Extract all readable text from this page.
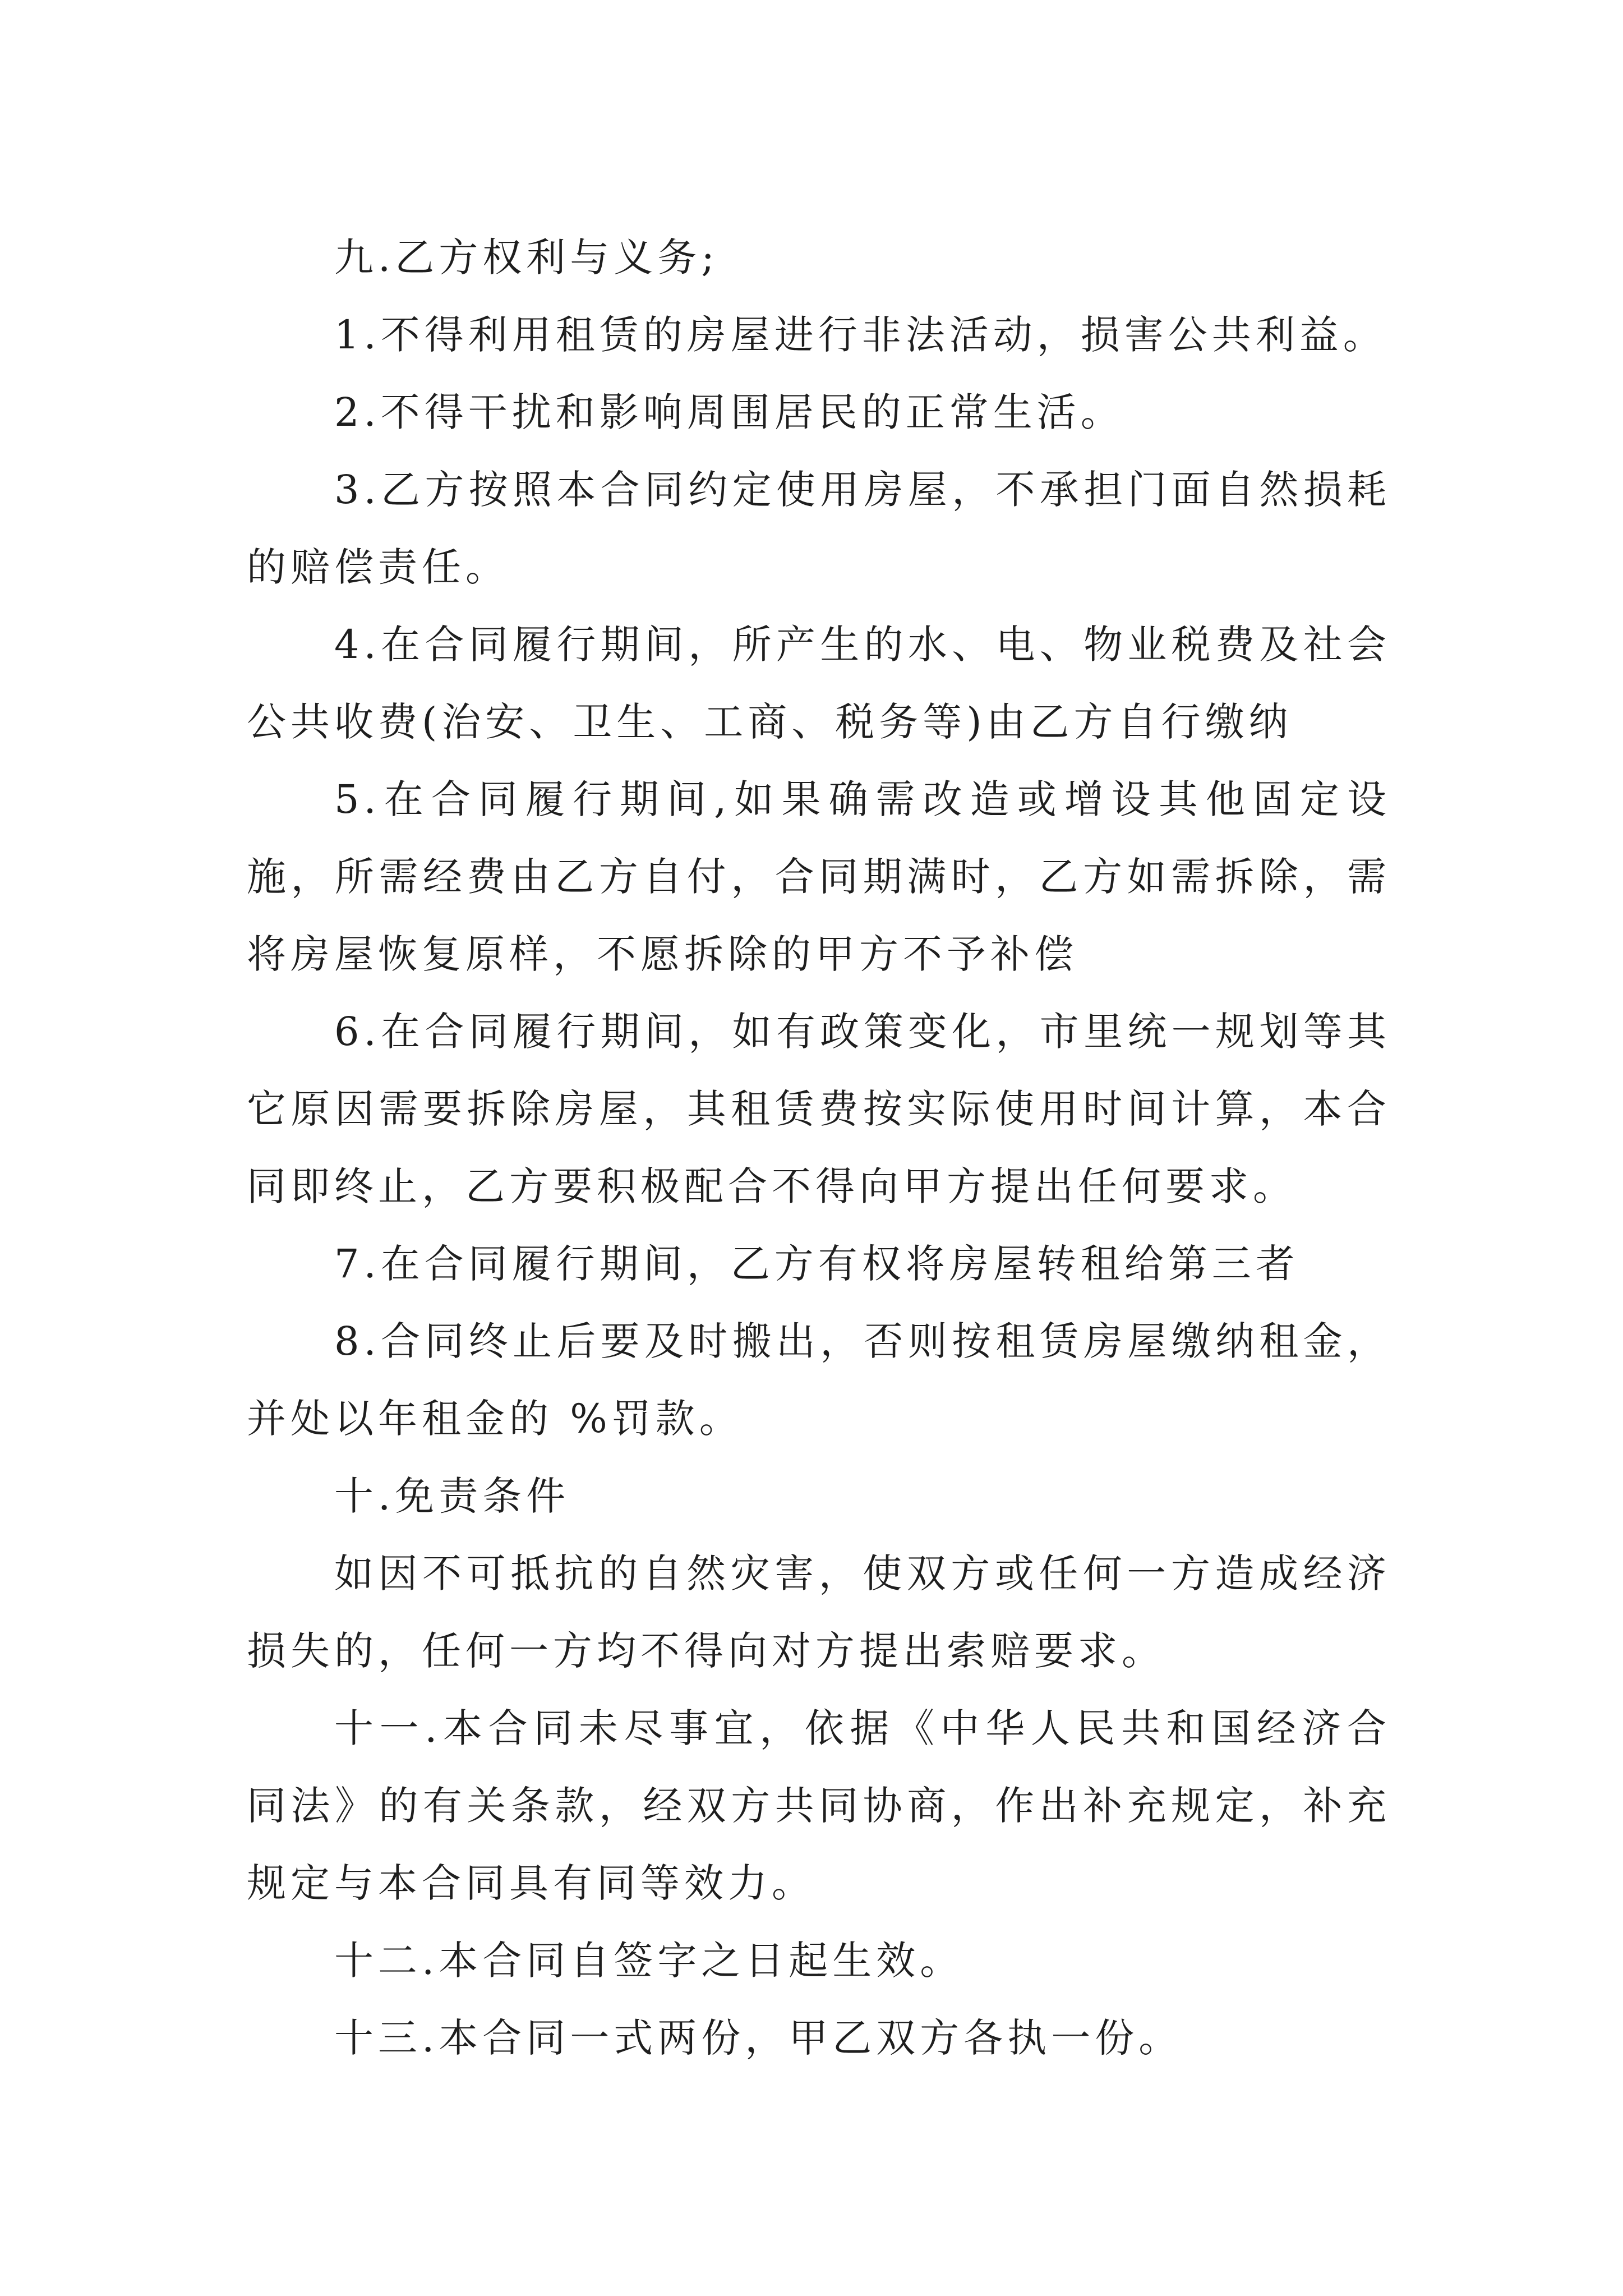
九.乙方权利与义务;

1.不得利用租赁的房屋进行非法活动，损害公共利益。

2.不得干扰和影响周围居民的正常生活。

3.乙方按照本合同约定使用房屋，不承担门面自然损耗的赔偿责任。

4.在合同履行期间，所产生的水、电、物业税费及社会公共收费(治安、卫生、工商、税务等)由乙方自行缴纳

5.在合同履行期间,如果确需改造或增设其他固定设施，所需经费由乙方自付，合同期满时，乙方如需拆除，需将房屋恢复原样，不愿拆除的甲方不予补偿

6.在合同履行期间，如有政策变化，市里统一规划等其它原因需要拆除房屋，其租赁费按实际使用时间计算，本合同即终止，乙方要积极配合不得向甲方提出任何要求。

7.在合同履行期间，乙方有权将房屋转租给第三者

8.合同终止后要及时搬出，否则按租赁房屋缴纳租金，并处以年租金的 %罚款。

十.免责条件

如因不可抵抗的自然灾害，使双方或任何一方造成经济损失的，任何一方均不得向对方提出索赔要求。

十一.本合同未尽事宜，依据《中华人民共和国经济合同法》的有关条款，经双方共同协商，作出补充规定，补充规定与本合同具有同等效力。

十二.本合同自签字之日起生效。

十三.本合同一式两份，甲乙双方各执一份。
